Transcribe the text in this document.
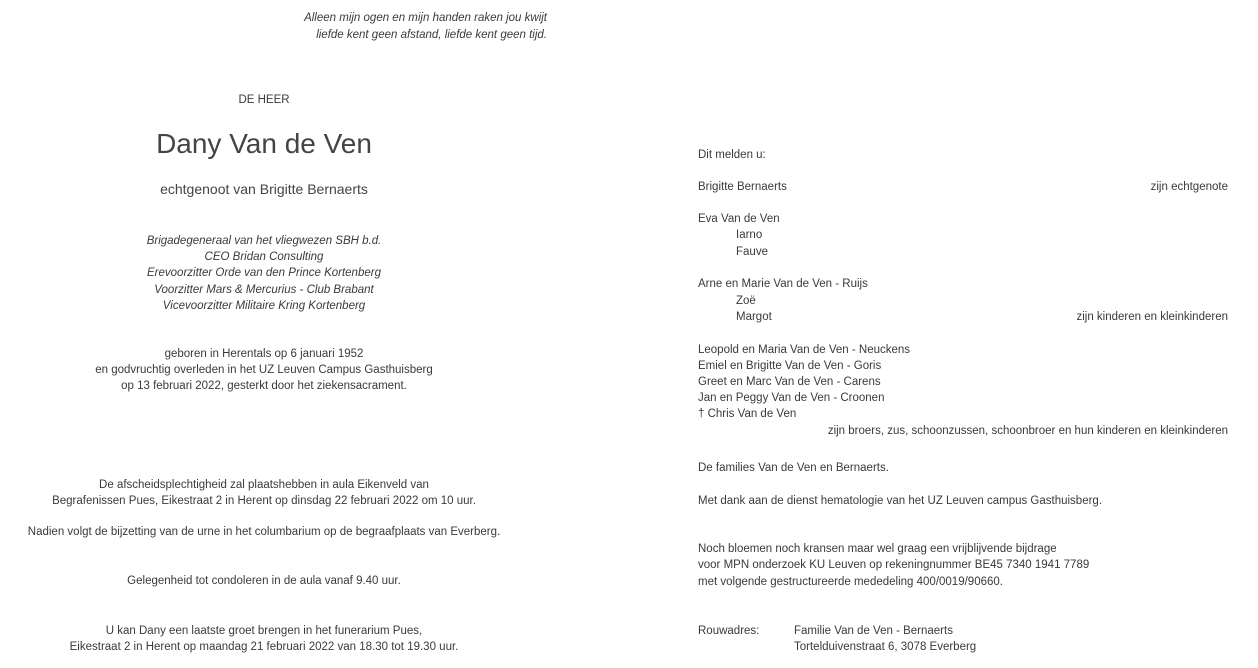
Alleen mijn ogen en mijn handen raken jou kwijt
liefde kent geen afstand, liefde kent geen tijd.
DE HEER
Dany Van de Ven
echtgenoot van Brigitte Bernaerts
Brigadegeneraal van het vliegwezen SBH b.d.
CEO Bridan Consulting
Erevoorzitter Orde van den Prince Kortenberg
Voorzitter Mars & Mercurius - Club Brabant
Vicevoorzitter Militaire Kring Kortenberg
geboren in Herentals op 6 januari 1952
en godvruchtig overleden in het UZ Leuven Campus Gasthuisberg
op 13 februari 2022, gesterkt door het ziekensacrament.
De afscheidsplechtigheid zal plaatshebben in aula Eikenveld van
Begrafenissen Pues, Eikestraat 2 in Herent op dinsdag 22 februari 2022 om 10 uur.
Nadien volgt de bijzetting van de urne in het columbarium op de begraafplaats van Everberg.
Gelegenheid tot condoleren in de aula vanaf 9.40 uur.
U kan Dany een laatste groet brengen in het funerarium Pues,
Eikestraat 2 in Herent op maandag 21 februari 2022 van 18.30 tot 19.30 uur.
Dit melden u:
Brigitte Bernaerts	zijn echtgenote
Eva Van de Ven
Iarno
Fauve
Arne en Marie Van de Ven - Ruijs
Zoë
Margot	zijn kinderen en kleinkinderen
Leopold en Maria Van de Ven - Neuckens
Emiel en Brigitte Van de Ven - Goris
Greet en Marc Van de Ven - Carens
Jan en Peggy Van de Ven - Croonen
† Chris Van de Ven
zijn broers, zus, schoonzussen, schoonbroer en hun kinderen en kleinkinderen
De families Van de Ven en Bernaerts.
Met dank aan de dienst hematologie van het UZ Leuven campus Gasthuisberg.
Noch bloemen noch kransen maar wel graag een vrijblijvende bijdrage
voor MPN onderzoek KU Leuven op rekeningnummer BE45 7340 1941 7789
met volgende gestructureerde mededeling 400/0019/90660.
Rouwadres:	Familie Van de Ven - Bernaerts
Tortelduivenstraat 6, 3078 Everberg
